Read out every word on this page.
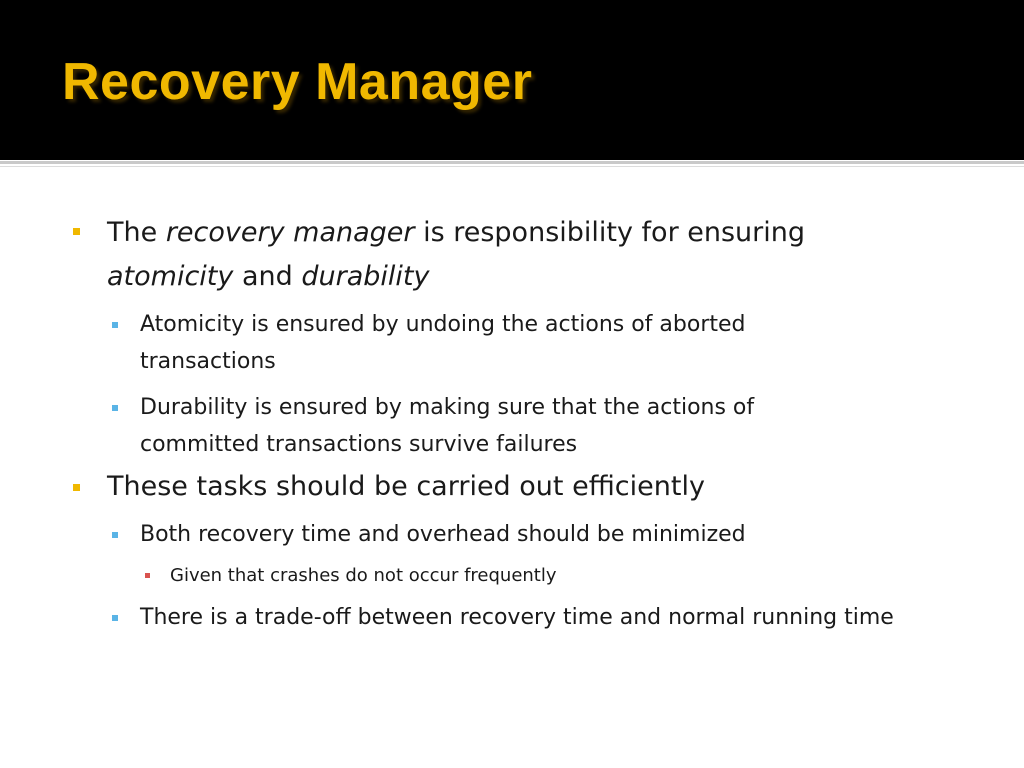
Recovery Manager

The recovery manager is responsibility for ensuring atomicity and durability

Atomicity is ensured by undoing the actions of aborted transactions

Durability is ensured by making sure that the actions of committed transactions survive failures

These tasks should be carried out efficiently

Both recovery time and overhead should be minimized

Given that crashes do not occur frequently

There is a trade-off between recovery time and normal running time
